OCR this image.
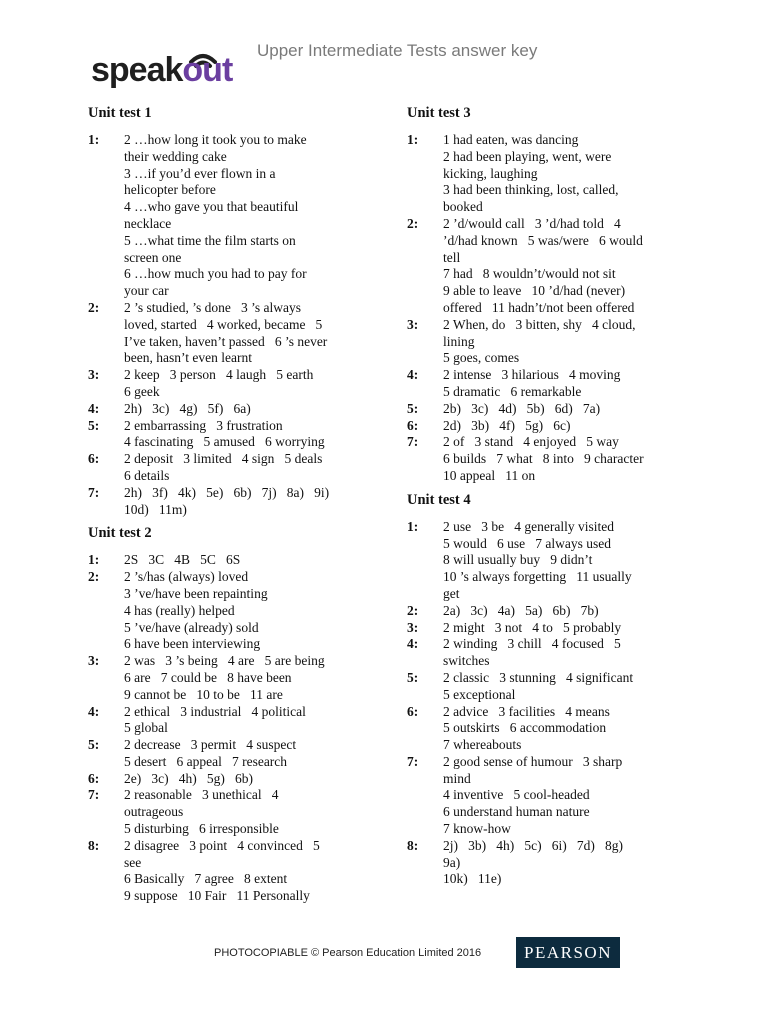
speakout
Upper Intermediate Tests answer key
Unit test 1
1:	2 …how long it took you to make
their wedding cake
3 …if you’d ever flown in a
helicopter before
4 …who gave you that beautiful
necklace
5 …what time the film starts on
screen one
6 …how much you had to pay for
your car
2:	2 ’s studied, ’s done   3 ’s always
loved, started   4 worked, became   5
I’ve taken, haven’t passed   6 ’s never
been, hasn’t even learnt
3:	2 keep   3 person   4 laugh   5 earth
6 geek
4:	2h)   3c)   4g)   5f)   6a)
5:	2 embarrassing   3 frustration
4 fascinating   5 amused   6 worrying
6:	2 deposit   3 limited   4 sign   5 deals
6 details
7:	2h)   3f)   4k)   5e)   6b)   7j)   8a)   9i)
10d)   11m)
Unit test 2
1:	2S   3C   4B   5C   6S
2:	2 ’s/has (always) loved
3 ’ve/have been repainting
4 has (really) helped
5 ’ve/have (already) sold
6 have been interviewing
3:	2 was   3 ’s being   4 are   5 are being
6 are   7 could be   8 have been
9 cannot be   10 to be   11 are
4:	2 ethical   3 industrial   4 political
5 global
5:	2 decrease   3 permit   4 suspect
5 desert   6 appeal   7 research
6:	2e)   3c)   4h)   5g)   6b)
7:	2 reasonable   3 unethical   4
outrageous
5 disturbing   6 irresponsible
8:	2 disagree   3 point   4 convinced   5
see
6 Basically   7 agree   8 extent
9 suppose   10 Fair   11 Personally
Unit test 3
1:	1 had eaten, was dancing
2 had been playing, went, were
kicking, laughing
3 had been thinking, lost, called,
booked
2:	2 ’d/would call   3 ’d/had told   4
’d/had known   5 was/were   6 would
tell
7 had   8 wouldn’t/would not sit
9 able to leave   10 ’d/had (never)
offered   11 hadn’t/not been offered
3:	2 When, do   3 bitten, shy   4 cloud,
lining
5 goes, comes
4:	2 intense   3 hilarious   4 moving
5 dramatic   6 remarkable
5:	2b)   3c)   4d)   5b)   6d)   7a)
6:	2d)   3b)   4f)   5g)   6c)
7:	2 of   3 stand   4 enjoyed   5 way
6 builds   7 what   8 into   9 character
10 appeal   11 on
Unit test 4
1:	2 use   3 be   4 generally visited
5 would   6 use   7 always used
8 will usually buy   9 didn’t
10 ’s always forgetting   11 usually
get
2:	2a)   3c)   4a)   5a)   6b)   7b)
3:	2 might   3 not   4 to   5 probably
4:	2 winding   3 chill   4 focused   5
switches
5:	2 classic   3 stunning   4 significant
5 exceptional
6:	2 advice   3 facilities   4 means
5 outskirts   6 accommodation
7 whereabouts
7:	2 good sense of humour   3 sharp
mind
4 inventive   5 cool-headed
6 understand human nature
7 know-how
8:	2j)   3b)   4h)   5c)   6i)   7d)   8g)
9a)
10k)   11e)
PHOTOCOPIABLE © Pearson Education Limited 2016	PEARSON
